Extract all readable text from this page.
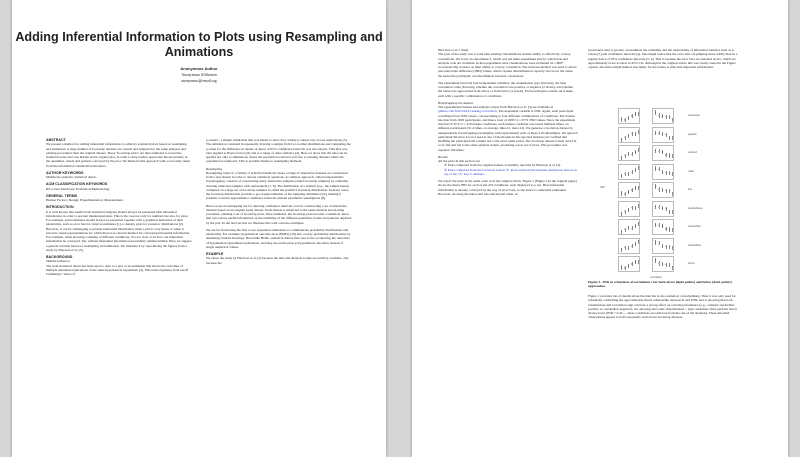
Adding Inferential Information to Plots using Resampling and Animations
Anonymous Author
Anonymous Affiliation
anonymous@email.org
ABSTRACT

We present a method for adding inferential information to arbitrary statistical plots based on resampling and animation. A large number of bootstrap datasets are created and subjected to the same analyses and plotting procedures than the original dataset. These "bootstrap plots" are then animated to reveal the statistical noise that was hidden in the original plot, in order to help readers appreciate the uncertainty in the quantities, trends and patterns conveyed by the plot. We illustrate this approach with a real study taken from the information visualization literature.

AUTHOR KEYWORDS

Multiverse analysis; statistical dance.

ACM CLASSIFICATION KEYWORDS

H5.2 User Interfaces: Evaluation/Methodology

GENERAL TERMS

Human Factors; Design; Experimentation; Measurement.

INTRODUCTION

It is well known that results from statistical analyses should always be presented with inferential information in order to prevent misinterpretation. This is the case not only for numbers but also for plots. For example, point estimates should always be presented together with a graphical indication of their uncertainty, such as error bars for interval estimates [1] or density plots for posterior distributions [2]. However, it can be challenging to present inferential information when a plot is very dense or when it involves visual representations for which there is no known method for conveying inferential information. For example, when showing a ranking of different conditions, it is not clear at all how can inferential information be conveyed. Yet, without inferential information uncertainty remains hidden. Here we suggest a general solution based on resampling and animation. We illustrate it by reproducing the figures from a study by Harrison et al. [3].

BACKGROUND
Statistical dances

The term statistical dance has been used to refer to a plot or an animation that shows the outcomes of multiple simulated replications of the same hypothetical experiment [4]. This term originates from Geoff Cumming's "dance of

p-values", a simple simulation that was meant to show how widely p-values vary across replications [5]. The simulation consisted in repeatedly drawing a sample from two normal distributions and computing the p-value for the difference in means. A dance of 95% confidence intervals was also shown. This idea was later applied to Bayes factors [6] and to a range of other statistics [4]. Here we show that the idea can be applied not only to simulations where the population is known, but also to existing datasets where the population is unknown. This is possible thanks to resampling methods.

Resampling

Resampling refers to a family of statistical methods where a range of alternative datasets are constructed from a real dataset in order to answer statistical questions. A common approach, called nonparametric bootstrapping, consists of constructing many alternative samples (called bootstrap samples) by randomly drawing same-size samples with replacement [7, 8]. The distribution of a statistic (e.g., the sample mean) computed on a large set of bootstrap samples is called the statistic's bootstrap distribution. In many cases, the bootstrap distribution provides a good approximation of the sampling distribution [9], making it possible to derive approximate confidence intervals without parametric assumptions [8].

Here we use bootstrapping not for deriving confidence intervals, but for constructing a set of alternative datasets based on an original (real) dataset. Each dataset is subjected to the same analysis and plotting procedure, yielding a set of bootstrap plots. Once animated, the bootstrap plots become a statistical dance that can convey useful information on the reliability of the different quantities, trends and patterns depicted by the plot. In the next section we illustrate this with concrete examples.

We are far from being the first to use sequential animations to communicate probability distributions and uncertainty. For example, hypothetical outcome plots (HOPs) [10] also convey probability distributions by animating random drawings. But unlike HOPs, statistical dances like ours focus on showing the outcomes of hypothetical experiment replications, and they use entire plots as hypothetical outcomes instead of single numerical values.

EXAMPLE

We chose the study by Harrison et al. [3] because the data and analysis scripts are publicly available, and because the

Harrison et al.'s Study

The goal of the study was to rank nine existing visualizations in their ability to effectively convey correlations. We focus on experiment 2, which was the main experiment and for which data and analysis code are available. In that experiment, nine visualizations were evaluated on 1,600+ crowdsourcing workers on their ability to convey correlation. The staircase method was used to derive just-noticeable difference (JND) values, which capture discrimination capacity: the lower the value, the better the participant can discriminate between correlations.

The experiment involved four independent variables: the visualization type (9 levels), the base correlation value (6 levels), whether the correlation was positive or negative (2 levels), and whether the value was approached from above or from below (2 levels). Each participant carried out 4 tasks, each with a specific combination of conditions.

Bootstrapping the dataset

The experimental dataset and analysis scripts from Harrison et al. [3] are available at github.com/TuftsVALT/ranking-correlation. The dependent variable is JND. Again, each participant contributed four JND values, corresponding to four different combinations of conditions. The dataset has data from 1693 participants, and thus a total of 1693×4 = 6772 JND values. Since the experiment involves 9×6×2×2 = 216 unique conditions, each unique condition was tested multiple times, on different participants (31.4 times on average, min=21, max=41). We generate a bootstrap dataset by independently bootstrapping (resampling with replacement) each of these 216 subsamples. We ignored participant ID since it is not used in any of the models in the reported analysis (we verified that shuffling the participant ID column led to the exact same plots). The bootstrap dataset is then saved in a csv file and fed to the same analysis scripts, producing a new set of plots. This procedure was repeated 100 times.

Results

All the plots in this section are:

① Plots computed from the original dataset, as initially reported by Harrison et al. [3].

② Plots computed from the bootstrap dataset ①. Press and hold the Animate multiverse button on top or the "A" key to animate.

We report the plots in the same order as in the original article. Figure 1 (Figure 4 in the original paper) shows the mean JND for each of the 216 conditions, each displayed as a dot. Here inferential information is already conveyed by the way of error bars, so the dance is somewhat redundant. However, showing the dance still has educational value, as

researchers tend to grossly overestimate the reliability and the replicability of inferential statistics such as p-values [5] and confidence intervals [4]. One might notice that the error bars are jumping more wildly than in a regular dance of 95% confidence intervals [5, 4]. This is because the error bars are standard errors, which are approximately twice as short as 95% CIs. Although in the original article this was clearly stated in the Figure caption, the dance might make it less likely for the reader to miss this important information.

JND
scatterplot
parallel
ordered
radar
line
stackedarea
stackedbar
stackedline
donut
correlation
Figure 1. JND as a function of correlation r for both above (light points) and below (dark points) approaches.

Figure 1 provides lots of details about the data but is also somehow overwhelming. Thus it was only used for informally confirming the approximately linear relationship between R and JND; and to showing that both visualization and correlation sign can have a strong effect on overall performance (e.g., compare stackedbar positive vs. stackedbar negative), nor showing that some visualizations × sign conditions often perform below chance level (JND > 0.45 — these conditions are removed from the rest of the analysis). These informal observations appear to hold reasonably well across bootstrap datasets.
